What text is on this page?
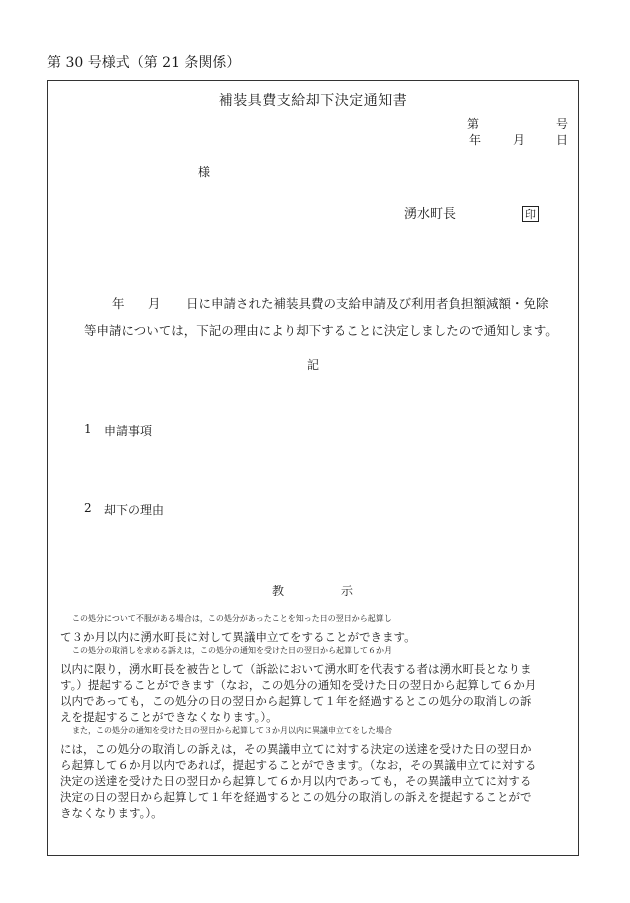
第 30 号様式（第 21 条関係）
補装具費支給却下決定通知書
第	号
年	月	日
様
湧水町長	印
年 月 日に申請された補装具費の支給申請及び利用者負担額減額・免除
等申請については，下記の理由により却下することに決定しましたので通知します。
記
1 申請事項
2 却下の理由
教	示
この処分について不服がある場合は，この処分があったことを知った日の翌日から起算し
て３か月以内に湧水町長に対して異議申立てをすることができます。
この処分の取消しを求める訴えは，この処分の通知を受けた日の翌日から起算して６か月
以内に限り，湧水町長を被告として（訴訟において湧水町を代表する者は湧水町長となりま
す。）提起することができます（なお，この処分の通知を受けた日の翌日から起算して６か月
以内であっても，この処分の日の翌日から起算して１年を経過するとこの処分の取消しの訴
えを提起することができなくなります。）。
また，この処分の通知を受けた日の翌日から起算して３か月以内に異議申立てをした場合
には，この処分の取消しの訴えは，その異議申立てに対する決定の送達を受けた日の翌日か
ら起算して６か月以内であれば，提起することができます。（なお，その異議申立てに対する
決定の送達を受けた日の翌日から起算して６か月以内であっても，その異議申立てに対する
決定の日の翌日から起算して１年を経過するとこの処分の取消しの訴えを提起することがで
きなくなります。）。
